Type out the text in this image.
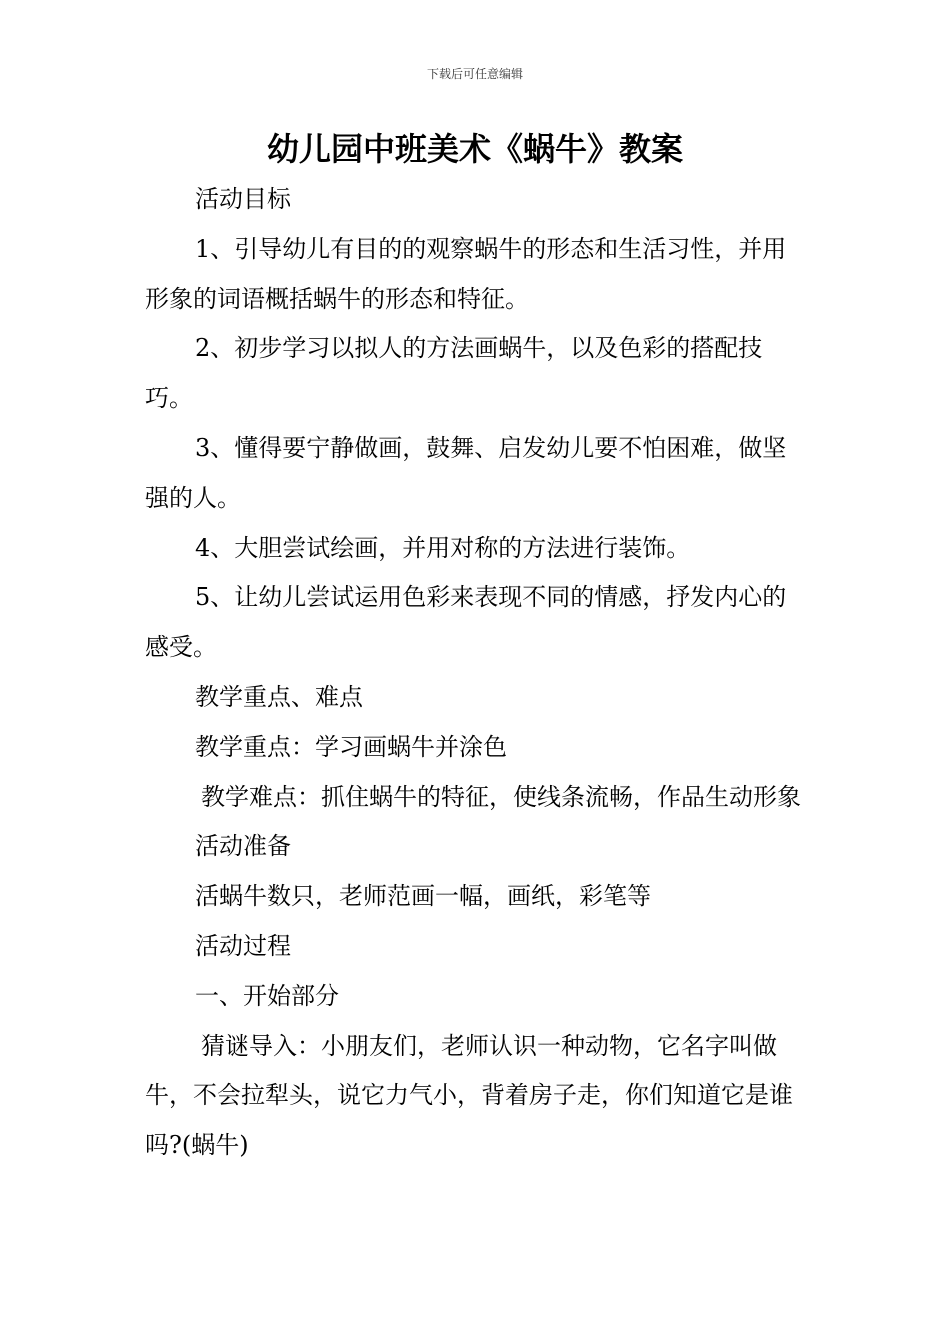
下载后可任意编辑
幼儿园中班美术《蜗牛》教案

活动目标

1、引导幼儿有目的的观察蜗牛的形态和生活习性，并用形象的词语概括蜗牛的形态和特征。

2、初步学习以拟人的方法画蜗牛，以及色彩的搭配技巧。

3、懂得要宁静做画，鼓舞、启发幼儿要不怕困难，做坚强的人。

4、大胆尝试绘画，并用对称的方法进行装饰。

5、让幼儿尝试运用色彩来表现不同的情感，抒发内心的感受。

教学重点、难点

教学重点：学习画蜗牛并涂色

教学难点：抓住蜗牛的特征，使线条流畅，作品生动形象

活动准备

活蜗牛数只，老师范画一幅，画纸，彩笔等

活动过程

一、开始部分

猜谜导入：小朋友们，老师认识一种动物，它名字叫做牛，不会拉犁头，说它力气小，背着房子走，你们知道它是谁吗?(蜗牛)
